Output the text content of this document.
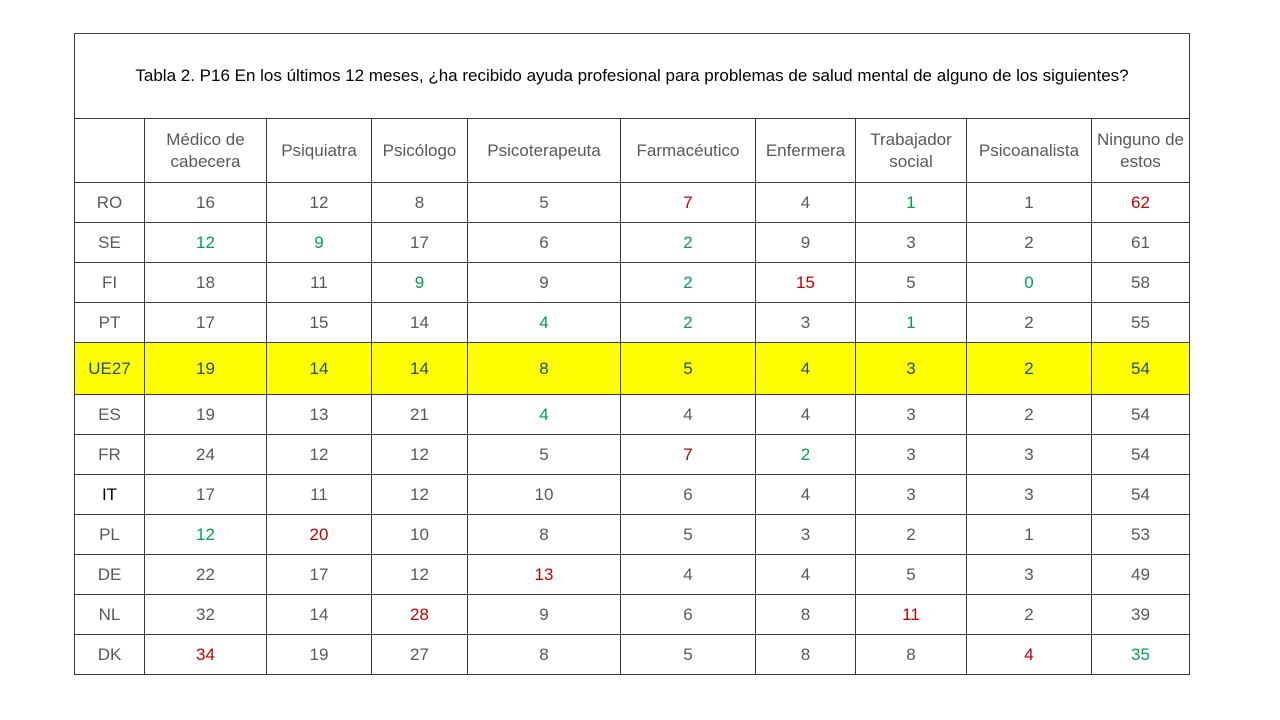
Tabla 2. P16 En los últimos 12 meses, ¿ha recibido ayuda profesional para problemas de salud mental de alguno de los siguientes?									
	Médico de cabecera	Psiquiatra	Psicólogo	Psicoterapeuta	Farmacéutico	Enfermera	Trabajador social	Psicoanalista	Ninguno de estos
RO	16	12	8	5	7	4	1	1	62
SE	12	9	17	6	2	9	3	2	61
FI	18	11	9	9	2	15	5	0	58
PT	17	15	14	4	2	3	1	2	55
UE27	19	14	14	8	5	4	3	2	54
ES	19	13	21	4	4	4	3	2	54
FR	24	12	12	5	7	2	3	3	54
IT	17	11	12	10	6	4	3	3	54
PL	12	20	10	8	5	3	2	1	53
DE	22	17	12	13	4	4	5	3	49
NL	32	14	28	9	6	8	11	2	39
DK	34	19	27	8	5	8	8	4	35
